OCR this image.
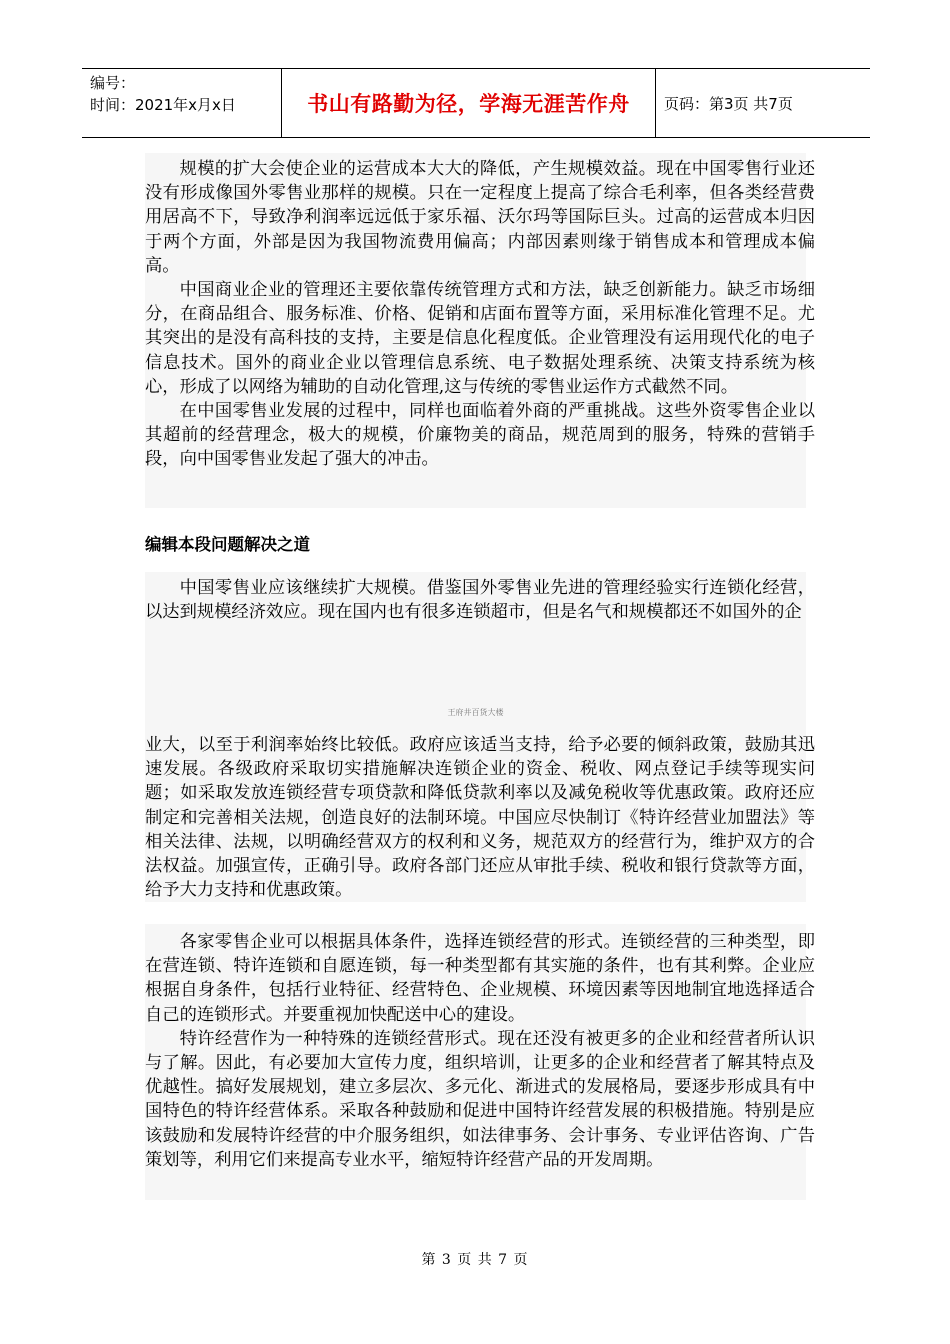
编号：
时间：2021年x月x日	书山有路勤为径，学海无涯苦作舟	页码：第3页 共7页

规模的扩大会使企业的运营成本大大的降低，产生规模效益。现在中国零售行业还没有形成像国外零售业那样的规模。只在一定程度上提高了综合毛利率，但各类经营费用居高不下，导致净利润率远远低于家乐福、沃尔玛等国际巨头。过高的运营成本归因于两个方面，外部是因为我国物流费用偏高；内部因素则缘于销售成本和管理成本偏高。

中国商业企业的管理还主要依靠传统管理方式和方法，缺乏创新能力。缺乏市场细分，在商品组合、服务标准、价格、促销和店面布置等方面，采用标准化管理不足。尤其突出的是没有高科技的支持，主要是信息化程度低。企业管理没有运用现代化的电子信息技术。国外的商业企业以管理信息系统、电子数据处理系统、决策支持系统为核心，形成了以网络为辅助的自动化管理,这与传统的零售业运作方式截然不同。

在中国零售业发展的过程中，同样也面临着外商的严重挑战。这些外资零售企业以其超前的经营理念，极大的规模，价廉物美的商品，规范周到的服务，特殊的营销手段，向中国零售业发起了强大的冲击。

编辑本段问题解决之道

中国零售业应该继续扩大规模。借鉴国外零售业先进的管理经验实行连锁化经营，以达到规模经济效应。现在国内也有很多连锁超市，但是名气和规模都还不如国外的企

王府井百货大楼

业大，以至于利润率始终比较低。政府应该适当支持，给予必要的倾斜政策，鼓励其迅速发展。各级政府采取切实措施解决连锁企业的资金、税收、网点登记手续等现实问题；如采取发放连锁经营专项贷款和降低贷款利率以及减免税收等优惠政策。政府还应制定和完善相关法规，创造良好的法制环境。中国应尽快制订《特许经营业加盟法》等相关法律、法规，以明确经营双方的权利和义务，规范双方的经营行为，维护双方的合法权益。加强宣传，正确引导。政府各部门还应从审批手续、税收和银行贷款等方面，给予大力支持和优惠政策。

各家零售企业可以根据具体条件，选择连锁经营的形式。连锁经营的三种类型，即在营连锁、特许连锁和自愿连锁，每一种类型都有其实施的条件，也有其利弊。企业应根据自身条件，包括行业特征、经营特色、企业规模、环境因素等因地制宜地选择适合自己的连锁形式。并要重视加快配送中心的建设。

特许经营作为一种特殊的连锁经营形式。现在还没有被更多的企业和经营者所认识与了解。因此，有必要加大宣传力度，组织培训，让更多的企业和经营者了解其特点及优越性。搞好发展规划，建立多层次、多元化、渐进式的发展格局，要逐步形成具有中国特色的特许经营体系。采取各种鼓励和促进中国特许经营发展的积极措施。特别是应该鼓励和发展特许经营的中介服务组织，如法律事务、会计事务、专业评估咨询、广告策划等，利用它们来提高专业水平，缩短特许经营产品的开发周期。

第 3 页 共 7 页
